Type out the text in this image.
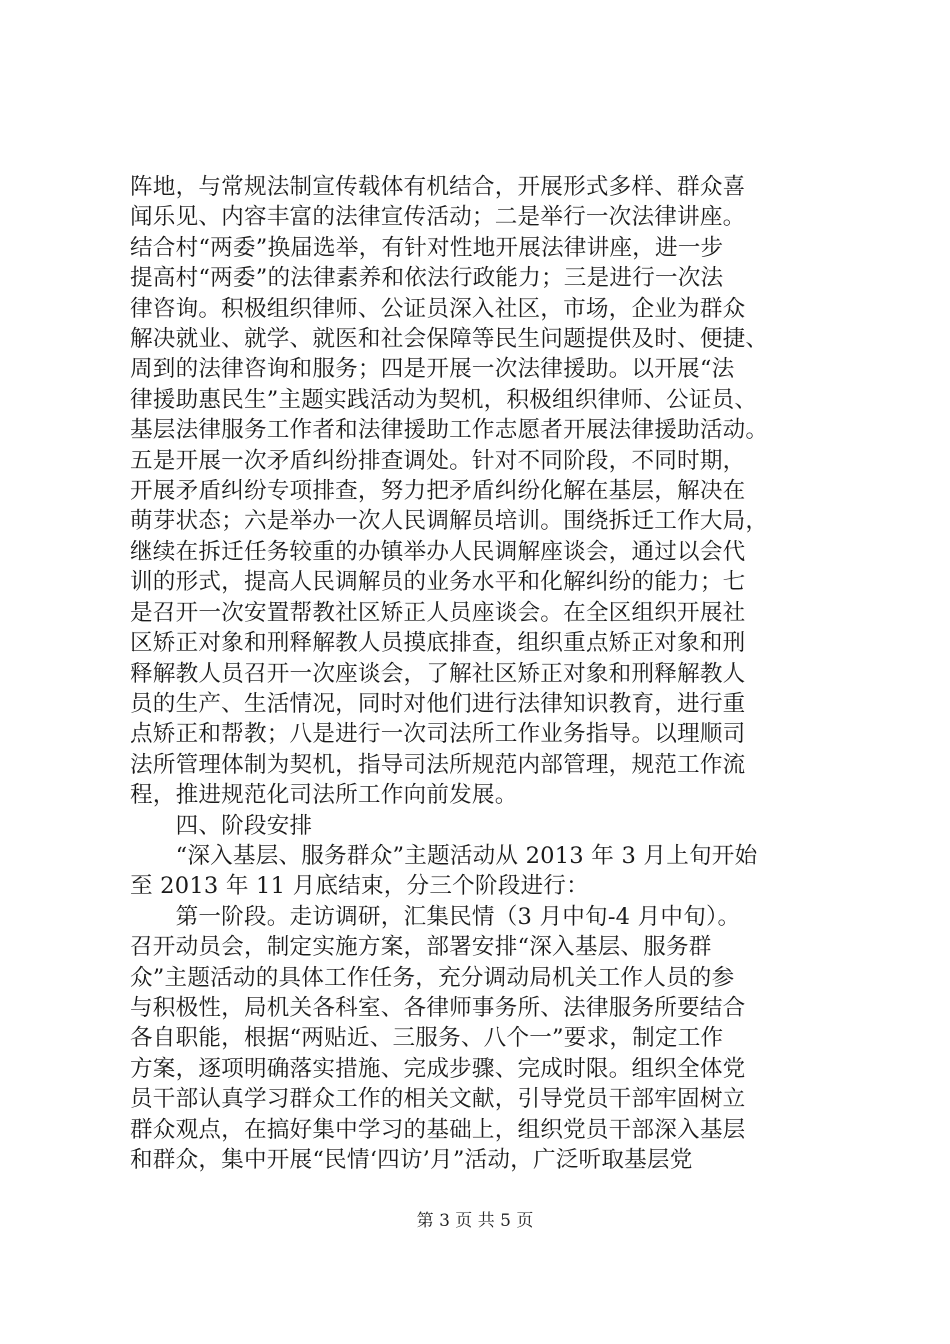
阵地，与常规法制宣传载体有机结合，开展形式多样、群众喜
闻乐见、内容丰富的法律宣传活动；二是举行一次法律讲座。
结合村“两委”换届选举，有针对性地开展法律讲座，进一步
提高村“两委”的法律素养和依法行政能力；三是进行一次法
律咨询。积极组织律师、公证员深入社区，市场，企业为群众
解决就业、就学、就医和社会保障等民生问题提供及时、便捷、
周到的法律咨询和服务；四是开展一次法律援助。以开展“法
律援助惠民生”主题实践活动为契机，积极组织律师、公证员、
基层法律服务工作者和法律援助工作志愿者开展法律援助活动。
五是开展一次矛盾纠纷排查调处。针对不同阶段，不同时期，
开展矛盾纠纷专项排查，努力把矛盾纠纷化解在基层，解决在
萌芽状态；六是举办一次人民调解员培训。围绕拆迁工作大局，
继续在拆迁任务较重的办镇举办人民调解座谈会，通过以会代
训的形式，提高人民调解员的业务水平和化解纠纷的能力；七
是召开一次安置帮教社区矫正人员座谈会。在全区组织开展社
区矫正对象和刑释解教人员摸底排查，组织重点矫正对象和刑
释解教人员召开一次座谈会，了解社区矫正对象和刑释解教人
员的生产、生活情况，同时对他们进行法律知识教育，进行重
点矫正和帮教；八是进行一次司法所工作业务指导。以理顺司
法所管理体制为契机，指导司法所规范内部管理，规范工作流
程，推进规范化司法所工作向前发展。

　　四、阶段安排

　　“深入基层、服务群众”主题活动从 2013 年 3 月上旬开始
至 2013 年 11 月底结束，分三个阶段进行：

　　第一阶段。走访调研，汇集民情（3 月中旬-4 月中旬）。
召开动员会，制定实施方案，部署安排“深入基层、服务群
众”主题活动的具体工作任务，充分调动局机关工作人员的参
与积极性，局机关各科室、各律师事务所、法律服务所要结合
各自职能，根据“两贴近、三服务、八个一”要求，制定工作
方案，逐项明确落实措施、完成步骤、完成时限。组织全体党
员干部认真学习群众工作的相关文献，引导党员干部牢固树立
群众观点，在搞好集中学习的基础上，组织党员干部深入基层
和群众，集中开展“民情‘四访’月”活动，广泛听取基层党

第 3 页 共 5 页
